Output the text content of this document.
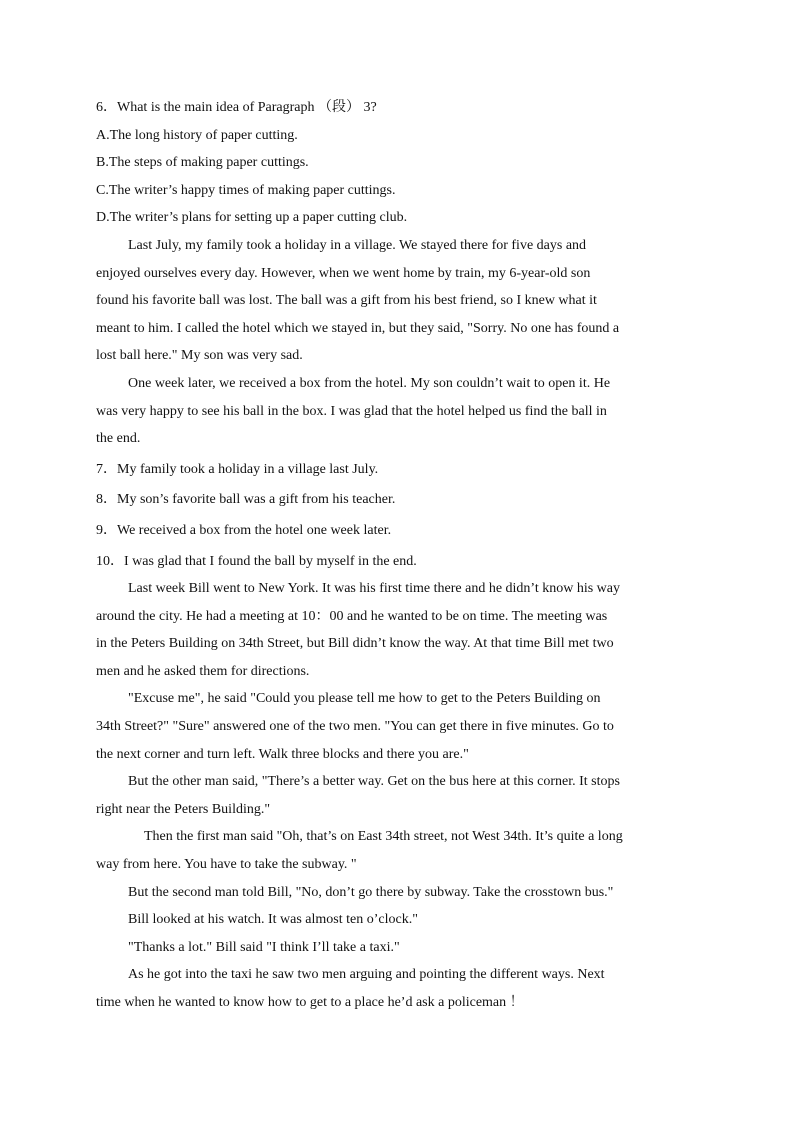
6．What is the main idea of Paragraph （段） 3?
A.The long history of paper cutting.
B.The steps of making paper cuttings.
C.The writer’s happy times of making paper cuttings.
D.The writer’s plans for setting up a paper cutting club.
Last July, my family took a holiday in a village. We stayed there for five days and
enjoyed ourselves every day. However, when we went home by train, my 6-year-old son
found his favorite ball was lost. The ball was a gift from his best friend, so I knew what it
meant to him. I called the hotel which we stayed in, but they said, "Sorry. No one has found a
lost ball here." My son was very sad.
One week later, we received a box from the hotel. My son couldn’t wait to open it. He
was very happy to see his ball in the box. I was glad that the hotel helped us find the ball in
the end.
7．My family took a holiday in a village last July.
8．My son’s favorite ball was a gift from his teacher.
9．We received a box from the hotel one week later.
10．I was glad that I found the ball by myself in the end.
Last week Bill went to New York. It was his first time there and he didn’t know his way
around the city. He had a meeting at 10：00 and he wanted to be on time. The meeting was
in the Peters Building on 34th Street, but Bill didn’t know the way. At that time Bill met two
men and he asked them for directions.
"Excuse me", he said "Could you please tell me how to get to the Peters Building on
34th Street?" "Sure" answered one of the two men. "You can get there in five minutes. Go to
the next corner and turn left. Walk three blocks and there you are."
But the other man said, "There’s a better way. Get on the bus here at this corner. It stops
right near the Peters Building."
Then the first man said "Oh, that’s on East 34th street, not West 34th. It’s quite a long
way from here. You have to take the subway. "
But the second man told Bill, "No, don’t go there by subway. Take the crosstown bus."
Bill looked at his watch. It was almost ten o’clock."
"Thanks a lot." Bill said "I think I’ll take a taxi."
As he got into the taxi he saw two men arguing and pointing the different ways. Next
time when he wanted to know how to get to a place he’d ask a policeman ！
